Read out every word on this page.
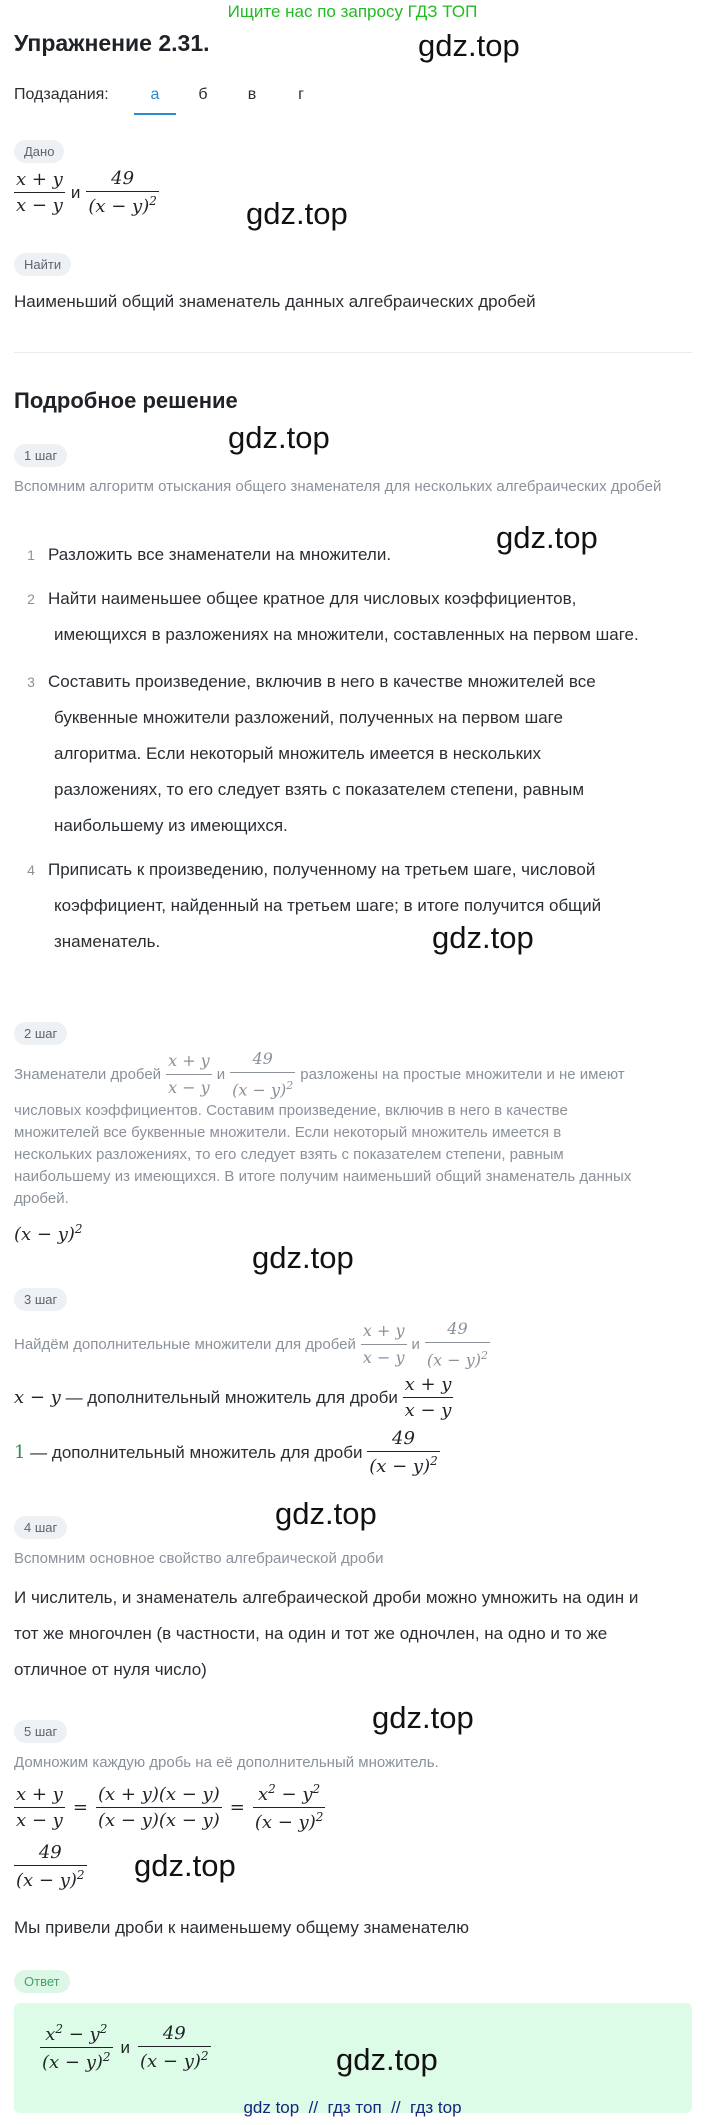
Ищите нас по запросу ГДЗ ТОП
Упражнение 2.31.	gdz.top
Подзадания:	а	б	в	г
Дано
$\frac{x + y}{x - y}$ и $\frac{49}{(x - y)^2}$	gdz.top
Найти
Наименьший общий знаменатель данных алгебраических дробей
Подробное решение
gdz.top
1 шаг
Вспомним алгоритм отыскания общего знаменателя для нескольких алгебраических дробей
gdz.top
1 Разложить все знаменатели на множители.
2 Найти наименьшее общее кратное для числовых коэффициентов,
имеющихся в разложениях на множители, составленных на первом шаге.
3 Составить произведение, включив в него в качестве множителей все
буквенные множители разложений, полученных на первом шаге
алгоритма. Если некоторый множитель имеется в нескольких
разложениях, то его следует взять с показателем степени, равным
наибольшему из имеющихся.
4 Приписать к произведению, полученному на третьем шаге, числовой
коэффициент, найденный на третьем шаге; в итоге получится общий
знаменатель.	gdz.top
2 шаг
Знаменатели дробей $\frac{x + y}{x - y}$ и $\frac{49}{(x - y)^2}$ разложены на простые множители и не имеют
числовых коэффициентов. Составим произведение, включив в него в качестве
множителей все буквенные множители. Если некоторый множитель имеется в
нескольких разложениях, то его следует взять с показателем степени, равным
наибольшему из имеющихся. В итоге получим наименьший общий знаменатель данных
дробей.
$(x - y)^2$
gdz.top
3 шаг
Найдём дополнительные множители для дробей $\frac{x + y}{x - y}$ и $\frac{49}{(x - y)^2}$
x − y — дополнительный множитель для дроби $\frac{x + y}{x - y}$
1 — дополнительный множитель для дроби $\frac{49}{(x - y)^2}$
gdz.top
4 шаг
Вспомним основное свойство алгебраической дроби
И числитель, и знаменатель алгебраической дроби можно умножить на один и
тот же многочлен (в частности, на один и тот же одночлен, на одно и то же
отличное от нуля число)
gdz.top
5 шаг
Домножим каждую дробь на её дополнительный множитель.
$\frac{x + y}{x - y} = \frac{(x + y)(x - y)}{(x - y)(x - y)} = \frac{x^2 - y^2}{(x - y)^2}$
$\frac{49}{(x - y)^2} gdz.top$
Мы привели дроби к наименьшему общему знаменателю
Ответ
$\frac{x^2 - y^2}{(x - y)^2}$ и $\frac{49}{(x - y)^2}$	gdz.top
gdz top  //  гдз топ  //  гдз top
